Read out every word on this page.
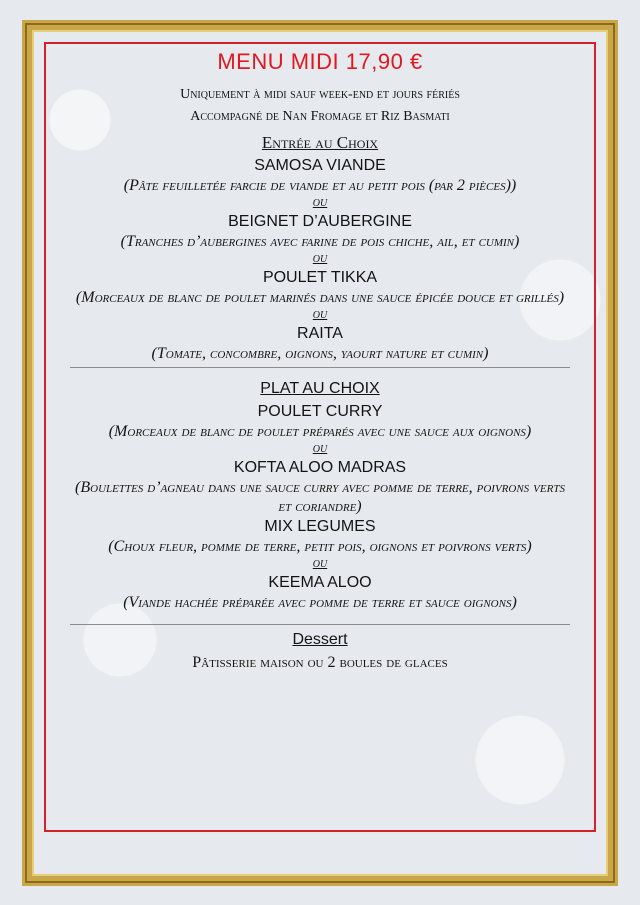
MENU MIDI 17,90 €
Uniquement à midi sauf week-end et jours fériés
Accompagné de Nan Fromage et Riz Basmati
Entrée au Choix
SAMOSA VIANDE
(Pâte feuilletée farcie de viande et au petit pois (par 2 pièces))
ou
BEIGNET D’AUBERGINE
(Tranches d’aubergines avec farine de pois chiche, ail, et cumin)
ou
POULET TIKKA
(Morceaux de blanc de poulet marinés dans une sauce épicée douce et grillés)
ou
RAITA
(Tomate, concombre, oignons, yaourt nature et cumin)
PLAT AU CHOIX
POULET CURRY
(Morceaux de blanc de poulet préparés avec une sauce aux oignons)
ou
KOFTA ALOO MADRAS
(Boulettes d’agneau dans une sauce curry avec pomme de terre, poivrons verts et coriandre)
MIX LEGUMES
(Choux fleur, pomme de terre, petit pois, oignons et poivrons verts)
ou
KEEMA ALOO
(Viande hachée préparée avec pomme de terre et sauce oignons)
Dessert
Pâtisserie maison ou 2 boules de glaces
